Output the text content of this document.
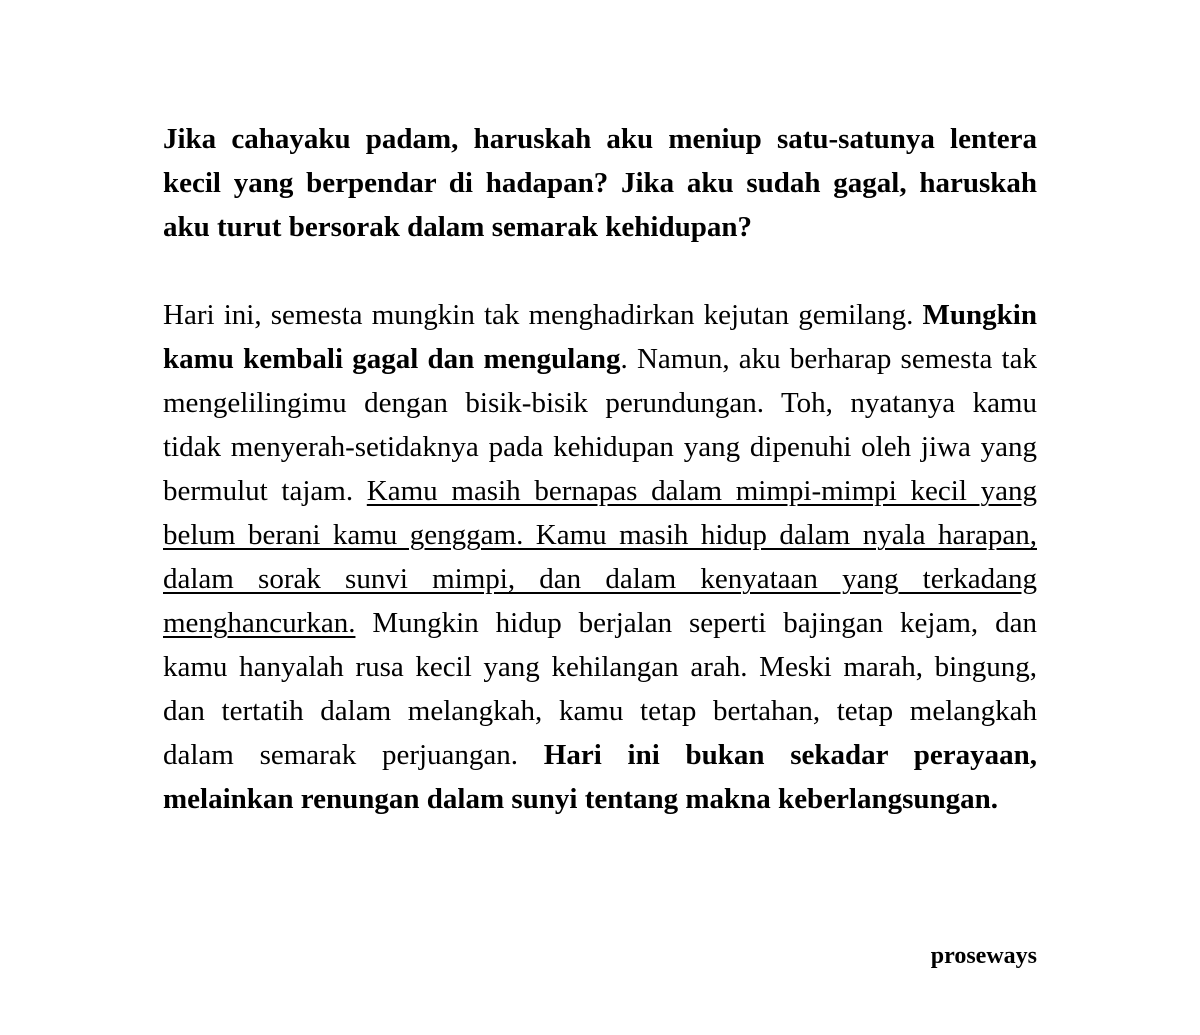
Jika cahayaku padam, haruskah aku meniup satu-satunya lentera kecil yang berpendar di hadapan? Jika aku sudah gagal, haruskah aku turut bersorak dalam semarak kehidupan?

Hari ini, semesta mungkin tak menghadirkan kejutan gemilang. Mungkin kamu kembali gagal dan mengulang. Namun, aku berharap semesta tak mengelilingimu dengan bisik-bisik perundungan. Toh, nyatanya kamu tidak menyerah-setidaknya pada kehidupan yang dipenuhi oleh jiwa yang bermulut tajam. Kamu masih bernapas dalam mimpi-mimpi kecil yang belum berani kamu genggam. Kamu masih hidup dalam nyala harapan, dalam sorak sunvi mimpi, dan dalam kenyataan yang terkadang menghancurkan. Mungkin hidup berjalan seperti bajingan kejam, dan kamu hanyalah rusa kecil yang kehilangan arah. Meski marah, bingung, dan tertatih dalam melangkah, kamu tetap bertahan, tetap melangkah dalam semarak perjuangan. Hari ini bukan sekadar perayaan, melainkan renungan dalam sunyi tentang makna keberlangsungan.

proseways
